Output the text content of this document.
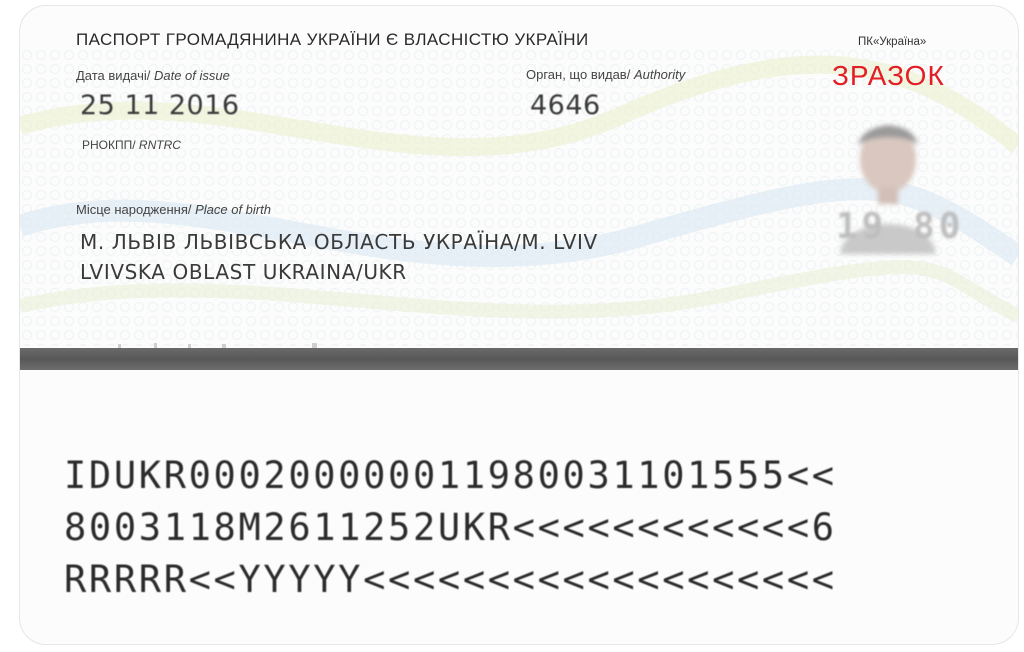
ПАСПОРТ ГРОМАДЯНИНА УКРАЇНИ Є ВЛАСНІСТЮ УКРАЇНИ	ПК«Україна»
ЗРАЗОК
Дата видачі/ Date of issue
25 11 2016
Орган, що видав/ Authority
4646
РНОКПП/ RNTRC
Місце народження/ Place of birth
М. ЛЬВІВ ЛЬВІВСЬКА ОБЛАСТЬ УКРАЇНА/M. LVIV
LVIVSKA OBLAST UKRAINA/UKR
19 80
IDUKR000200000011980031101555<<
8003118M2611252UKR<<<<<<<<<<<<6
RRRRR<<YYYYY<<<<<<<<<<<<<<<<<<<
